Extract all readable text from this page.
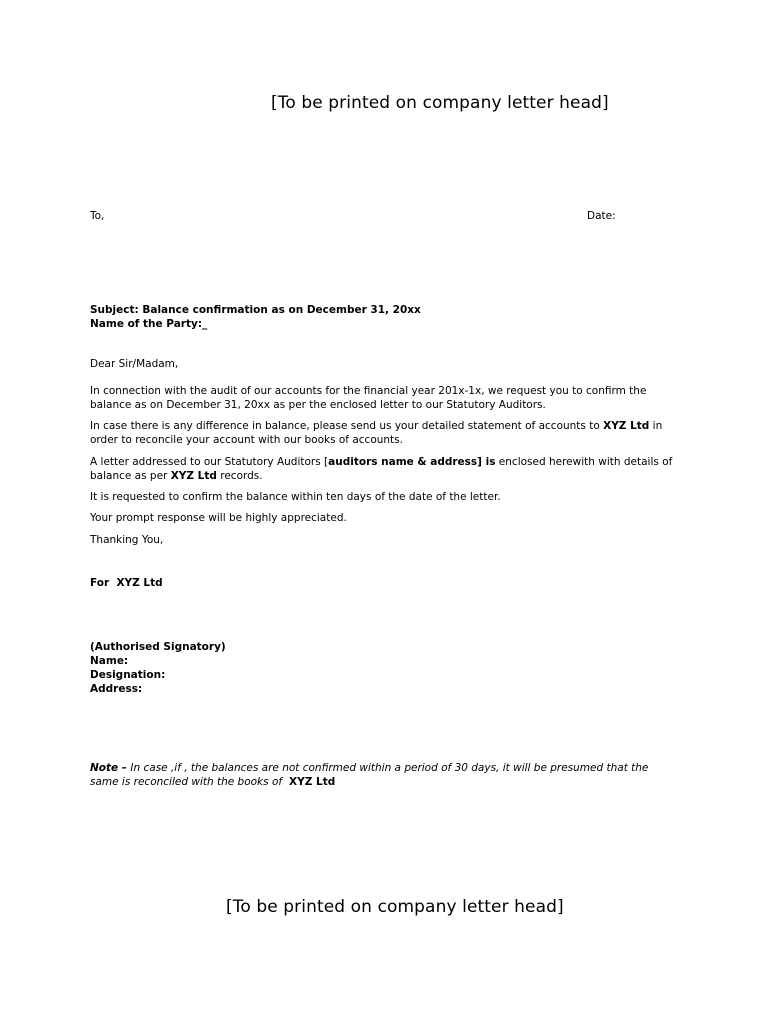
[To be printed on company letter head]
To,	Date:
Subject: Balance confirmation as on December 31, 20xx
Name of the Party:_
Dear Sir/Madam,
In connection with the audit of our accounts for the financial year 201x-1x, we request you to confirm the balance as on December 31, 20xx as per the enclosed letter to our Statutory Auditors.
In case there is any difference in balance, please send us your detailed statement of accounts to XYZ Ltd in order to reconcile your account with our books of accounts.
A letter addressed to our Statutory Auditors [auditors name & address] is enclosed herewith with details of balance as per XYZ Ltd records.
It is requested to confirm the balance within ten days of the date of the letter.
Your prompt response will be highly appreciated.
Thanking You,
For  XYZ Ltd
(Authorised Signatory)
Name:
Designation:
Address:
Note – In case ,if , the balances are not confirmed within a period of 30 days, it will be presumed that the same is reconciled with the books of  XYZ Ltd
[To be printed on company letter head]
